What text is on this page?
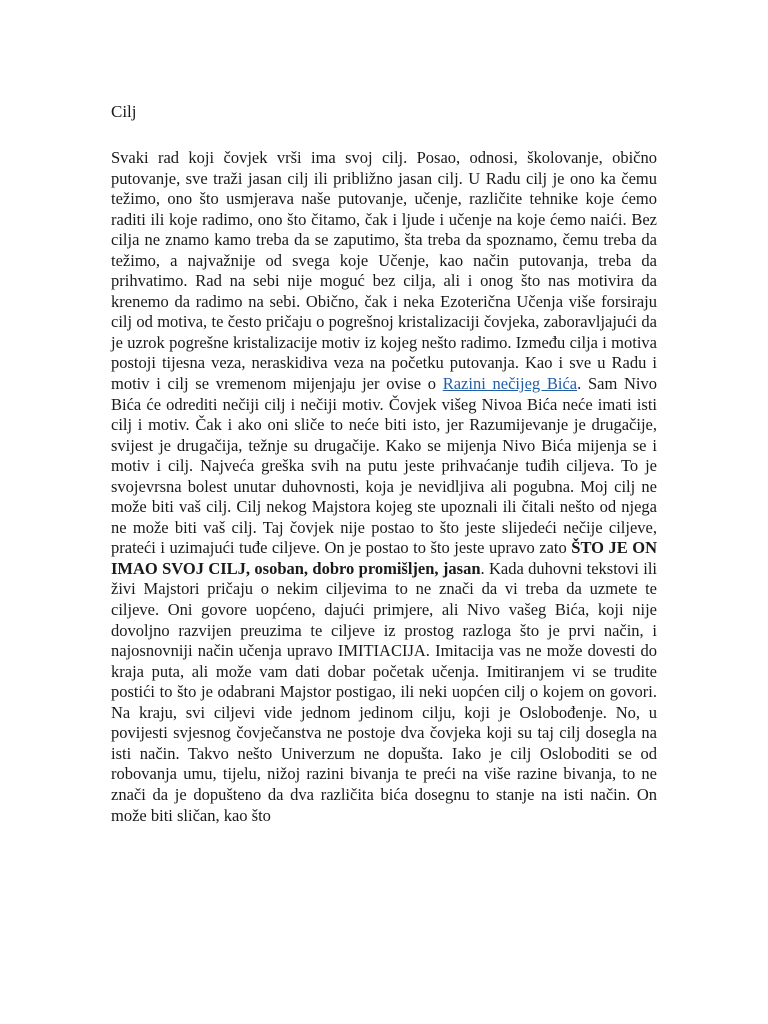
Cilj

Svaki rad koji čovjek vrši ima svoj cilj. Posao, odnosi, školovanje, obično putovanje, sve traži jasan cilj ili približno jasan cilj. U Radu cilj je ono ka čemu težimo, ono što usmjerava naše putovanje, učenje, različite tehnike koje ćemo raditi ili koje radimo, ono što čitamo, čak i ljude i učenje na koje ćemo naići. Bez cilja ne znamo kamo treba da se zaputimo, šta treba da spoznamo, čemu treba da težimo, a najvažnije od svega koje Učenje, kao način putovanja, treba da prihvatimo. Rad na sebi nije moguć bez cilja, ali i onog što nas motivira da krenemo da radimo na sebi. Obično, čak i neka Ezoterična Učenja više forsiraju cilj od motiva, te često pričaju o pogrešnoj kristalizaciji čovjeka, zaboravljajući da je uzrok pogrešne kristalizacije motiv iz kojeg nešto radimo. Između cilja i motiva postoji tijesna veza, neraskidiva veza na početku putovanja. Kao i sve u Radu i motiv i cilj se vremenom mijenjaju jer ovise o Razini nečijeg Bića. Sam Nivo Bića će odrediti nečiji cilj i nečiji motiv. Čovjek višeg Nivoa Bića neće imati isti cilj i motiv. Čak i ako oni sliče to neće biti isto, jer Razumijevanje je drugačije, svijest je drugačija, težnje su drugačije. Kako se mijenja Nivo Bića mijenja se i motiv i cilj. Najveća greška svih na putu jeste prihvaćanje tuđih ciljeva. To je svojevrsna bolest unutar duhovnosti, koja je nevidljiva ali pogubna. Moj cilj ne može biti vaš cilj. Cilj nekog Majstora kojeg ste upoznali ili čitali nešto od njega ne može biti vaš cilj. Taj čovjek nije postao to što jeste slijedeći nečije ciljeve, prateći i uzimajući tuđe ciljeve. On je postao to što jeste upravo zato ŠTO JE ON IMAO SVOJ CILJ, osoban, dobro promišljen, jasan. Kada duhovni tekstovi ili živi Majstori pričaju o nekim ciljevima to ne znači da vi treba da uzmete te ciljeve. Oni govore uopćeno, dajući primjere, ali Nivo vašeg Bića, koji nije dovoljno razvijen preuzima te ciljeve iz prostog razloga što je prvi način, i najosnovniji način učenja upravo IMITIACIJA. Imitacija vas ne može dovesti do kraja puta, ali može vam dati dobar početak učenja. Imitiranjem vi se trudite postići to što je odabrani Majstor postigao, ili neki uopćen cilj o kojem on govori. Na kraju, svi ciljevi vide jednom jedinom cilju, koji je Oslobođenje. No, u povijesti svjesnog čovječanstva ne postoje dva čovjeka koji su taj cilj dosegla na isti način. Takvo nešto Univerzum ne dopušta. Iako je cilj Osloboditi se od robovanja umu, tijelu, nižoj razini bivanja te preći na više razine bivanja, to ne znači da je dopušteno da dva različita bića dosegnu to stanje na isti način. On može biti sličan, kao što
